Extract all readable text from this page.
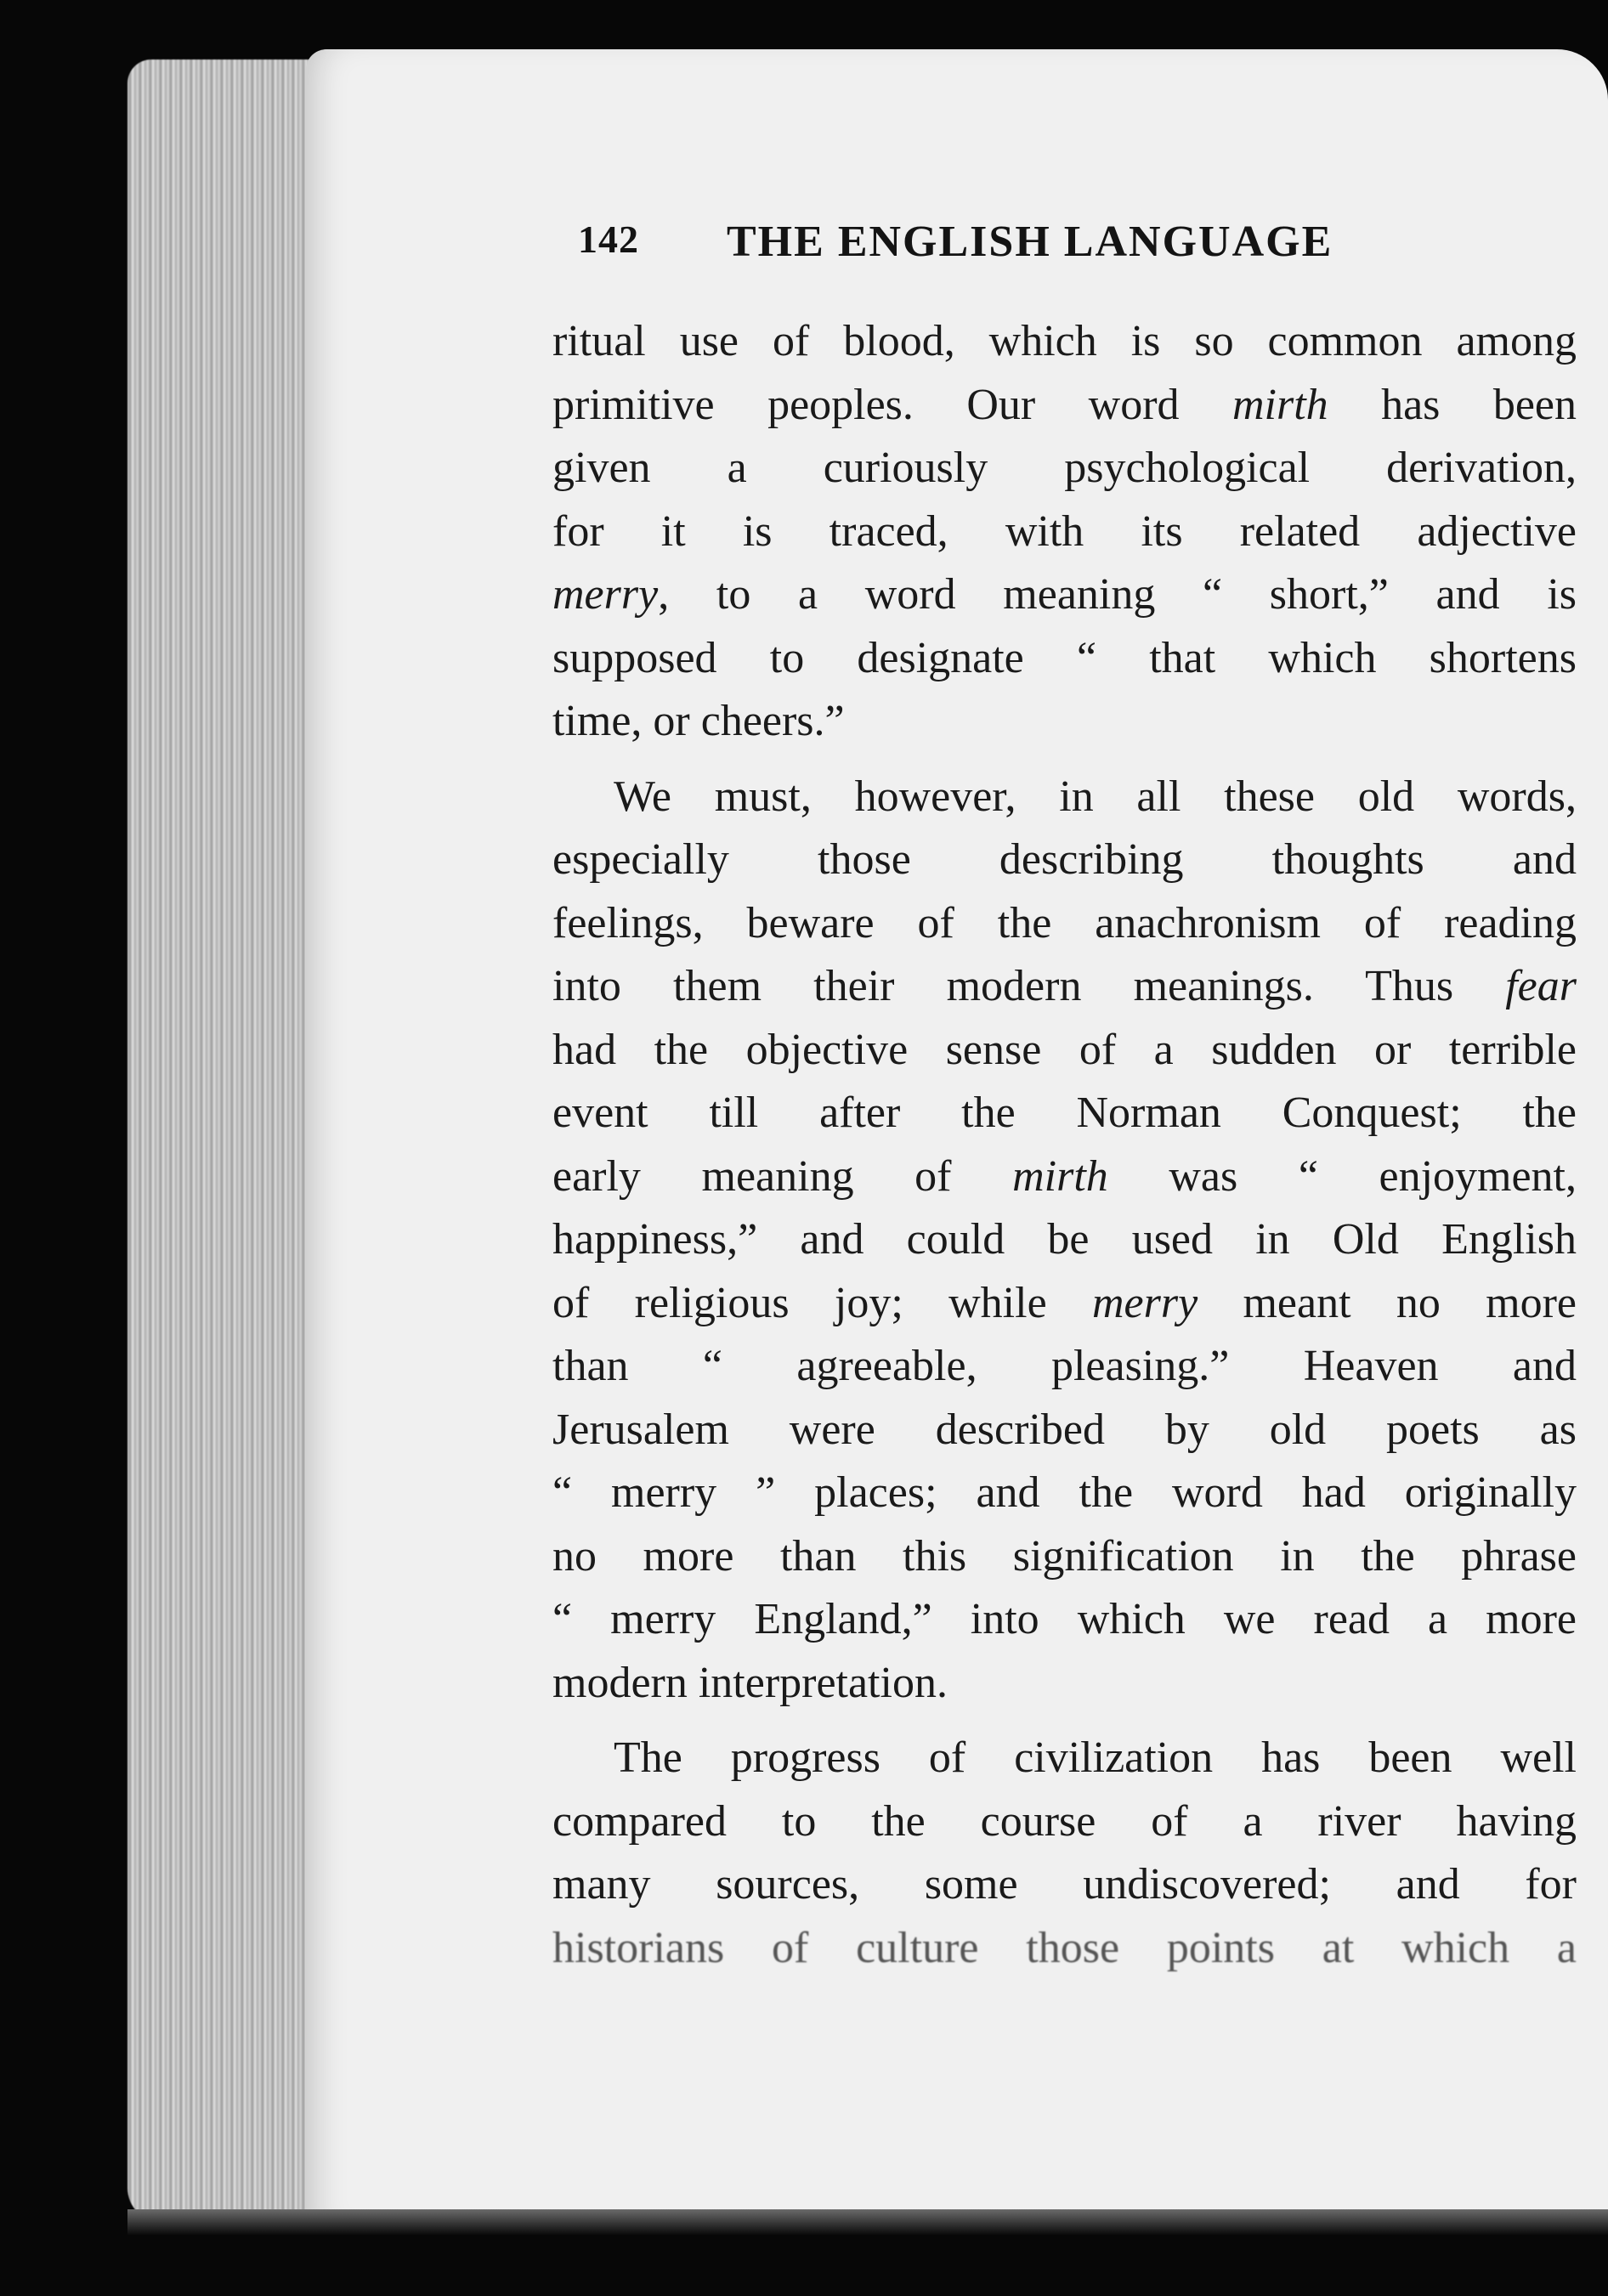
142 THE ENGLISH LANGUAGE
ritual use of blood, which is so common among
primitive peoples. Our word mirth has been
given a curiously psychological derivation,
for it is traced, with its related adjective
merry, to a word meaning “ short,” and is
supposed to designate “ that which shortens
time, or cheers.”
We must, however, in all these old words,
especially those describing thoughts and
feelings, beware of the anachronism of reading
into them their modern meanings. Thus fear
had the objective sense of a sudden or terrible
event till after the Norman Conquest; the
early meaning of mirth was “ enjoyment,
happiness,” and could be used in Old English
of religious joy; while merry meant no more
than “ agreeable, pleasing.” Heaven and
Jerusalem were described by old poets as
“ merry ” places; and the word had originally
no more than this signification in the phrase
“ merry England,” into which we read a more
modern interpretation.
The progress of civilization has been well
compared to the course of a river having
many sources, some undiscovered; and for
historians of culture those points at which a
